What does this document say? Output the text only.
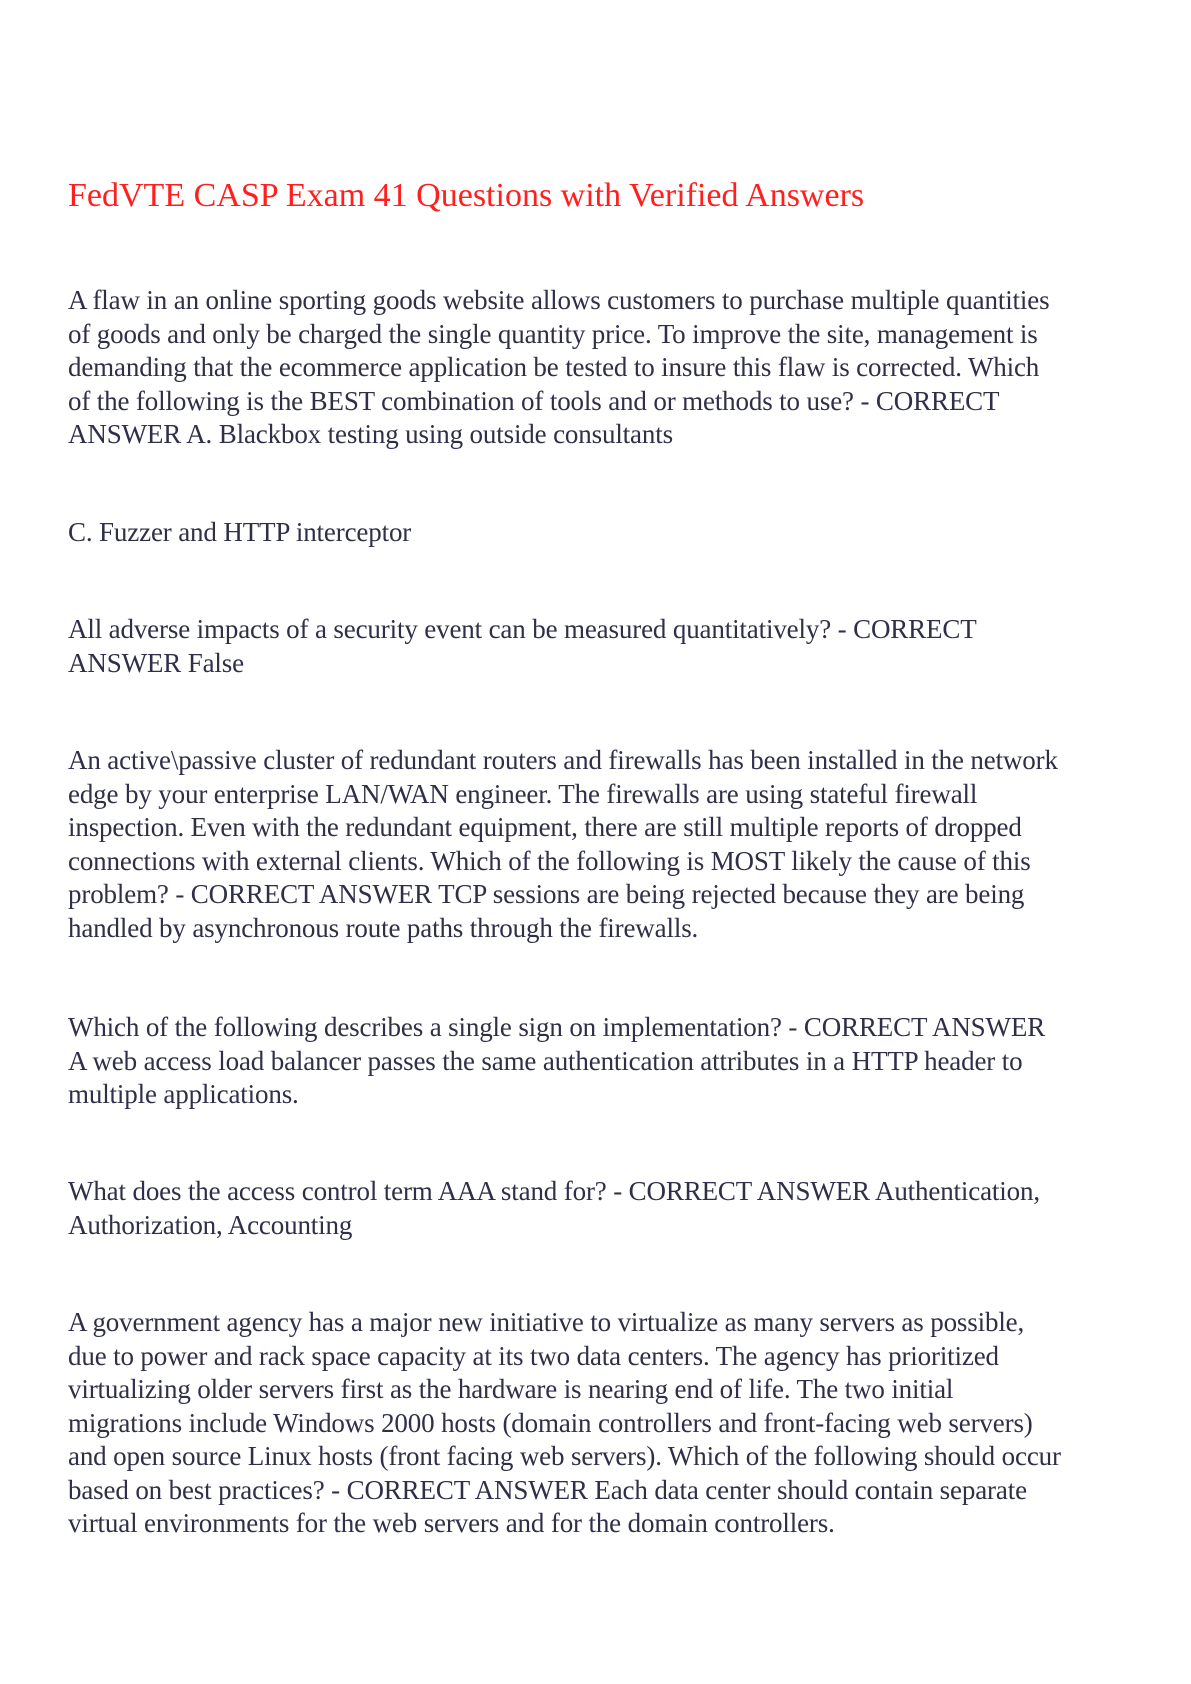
FedVTE CASP Exam 41 Questions with Verified Answers
A flaw in an online sporting goods website allows customers to purchase multiple quantities
of goods and only be charged the single quantity price. To improve the site, management is
demanding that the ecommerce application be tested to insure this flaw is corrected. Which
of the following is the BEST combination of tools and or methods to use? - CORRECT
ANSWER A. Blackbox testing using outside consultants
C. Fuzzer and HTTP interceptor
All adverse impacts of a security event can be measured quantitatively? - CORRECT
ANSWER False
An active\passive cluster of redundant routers and firewalls has been installed in the network
edge by your enterprise LAN/WAN engineer. The firewalls are using stateful firewall
inspection. Even with the redundant equipment, there are still multiple reports of dropped
connections with external clients. Which of the following is MOST likely the cause of this
problem? - CORRECT ANSWER TCP sessions are being rejected because they are being
handled by asynchronous route paths through the firewalls.
Which of the following describes a single sign on implementation? - CORRECT ANSWER
A web access load balancer passes the same authentication attributes in a HTTP header to
multiple applications.
What does the access control term AAA stand for? - CORRECT ANSWER Authentication,
Authorization, Accounting
A government agency has a major new initiative to virtualize as many servers as possible,
due to power and rack space capacity at its two data centers. The agency has prioritized
virtualizing older servers first as the hardware is nearing end of life. The two initial
migrations include Windows 2000 hosts (domain controllers and front-facing web servers)
and open source Linux hosts (front facing web servers). Which of the following should occur
based on best practices? - CORRECT ANSWER Each data center should contain separate
virtual environments for the web servers and for the domain controllers.
